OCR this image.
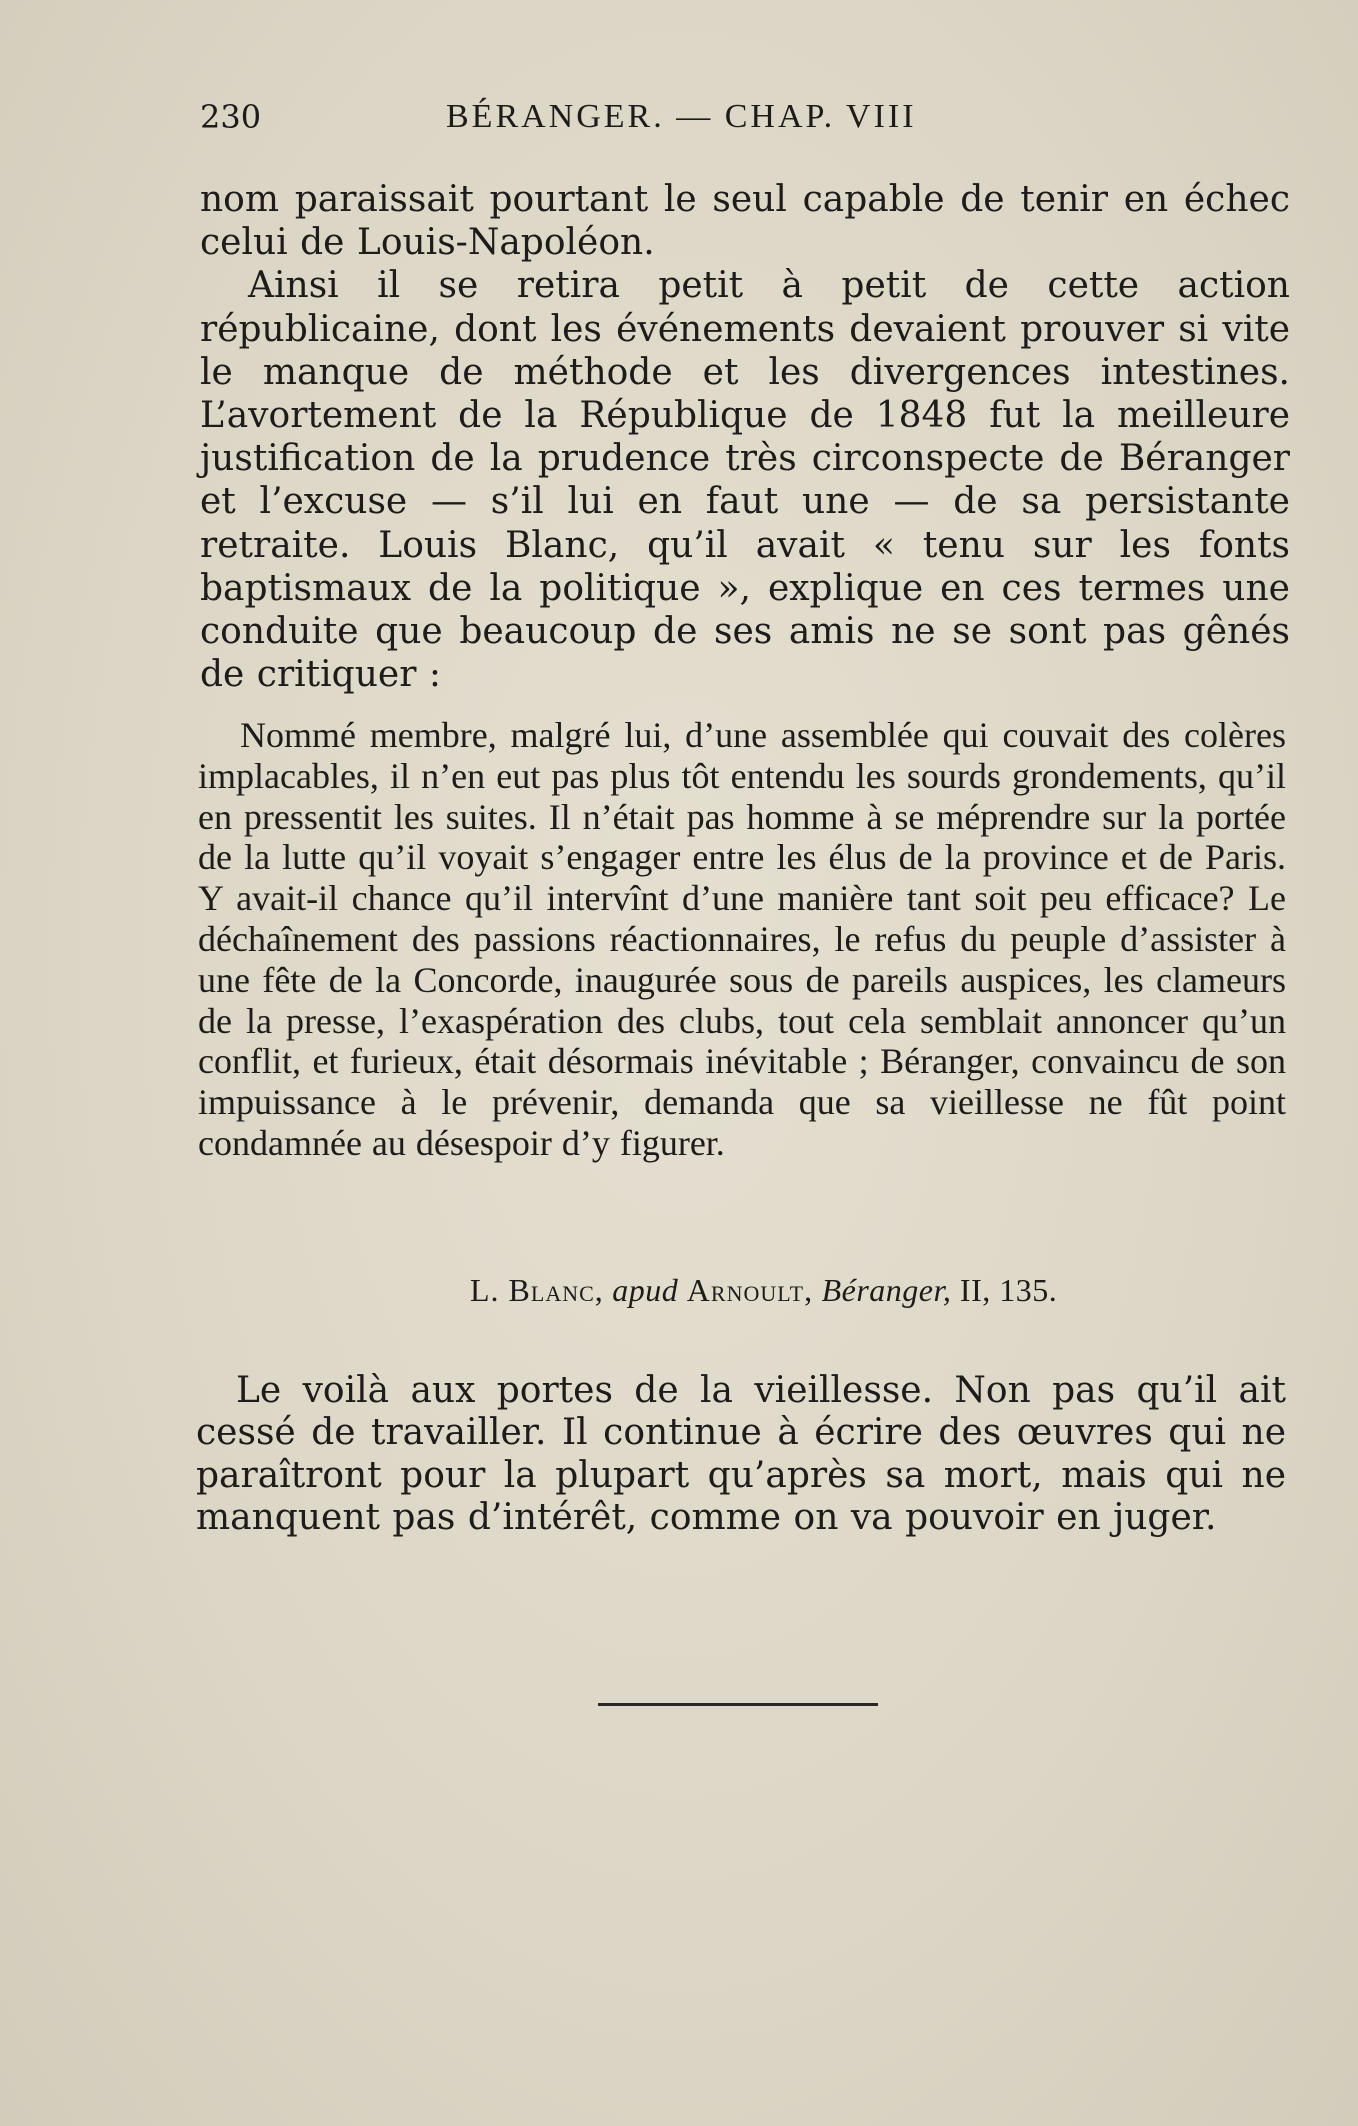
230	BÉRANGER. — CHAP. VIII

nom paraissait pourtant le seul capable de tenir en échec celui de Louis-Napoléon.

Ainsi il se retira petit à petit de cette action républicaine, dont les événements devaient prouver si vite le manque de méthode et les divergences intestines. L’avortement de la République de 1848 fut la meilleure justification de la prudence très circonspecte de Béranger et l’excuse — s’il lui en faut une — de sa persistante retraite. Louis Blanc, qu’il avait « tenu sur les fonts baptismaux de la politique », explique en ces termes une conduite que beaucoup de ses amis ne se sont pas gênés de critiquer :

Nommé membre, malgré lui, d’une assemblée qui couvait des colères implacables, il n’en eut pas plus tôt entendu les sourds grondements, qu’il en pressentit les suites. Il n’était pas homme à se méprendre sur la portée de la lutte qu’il voyait s’engager entre les élus de la province et de Paris. Y avait-il chance qu’il intervînt d’une manière tant soit peu efficace? Le déchaînement des passions réactionnaires, le refus du peuple d’assister à une fête de la Concorde, inaugurée sous de pareils auspices, les clameurs de la presse, l’exaspération des clubs, tout cela semblait annoncer qu’un conflit, et furieux, était désormais inévitable ; Béranger, convaincu de son impuissance à le prévenir, demanda que sa vieillesse ne fût point condamnée au désespoir d’y figurer.

L. Blanc, apud Arnoult, Béranger, II, 135.

Le voilà aux portes de la vieillesse. Non pas qu’il ait cessé de travailler. Il continue à écrire des œuvres qui ne paraîtront pour la plupart qu’après sa mort, mais qui ne manquent pas d’intérêt, comme on va pouvoir en juger.
